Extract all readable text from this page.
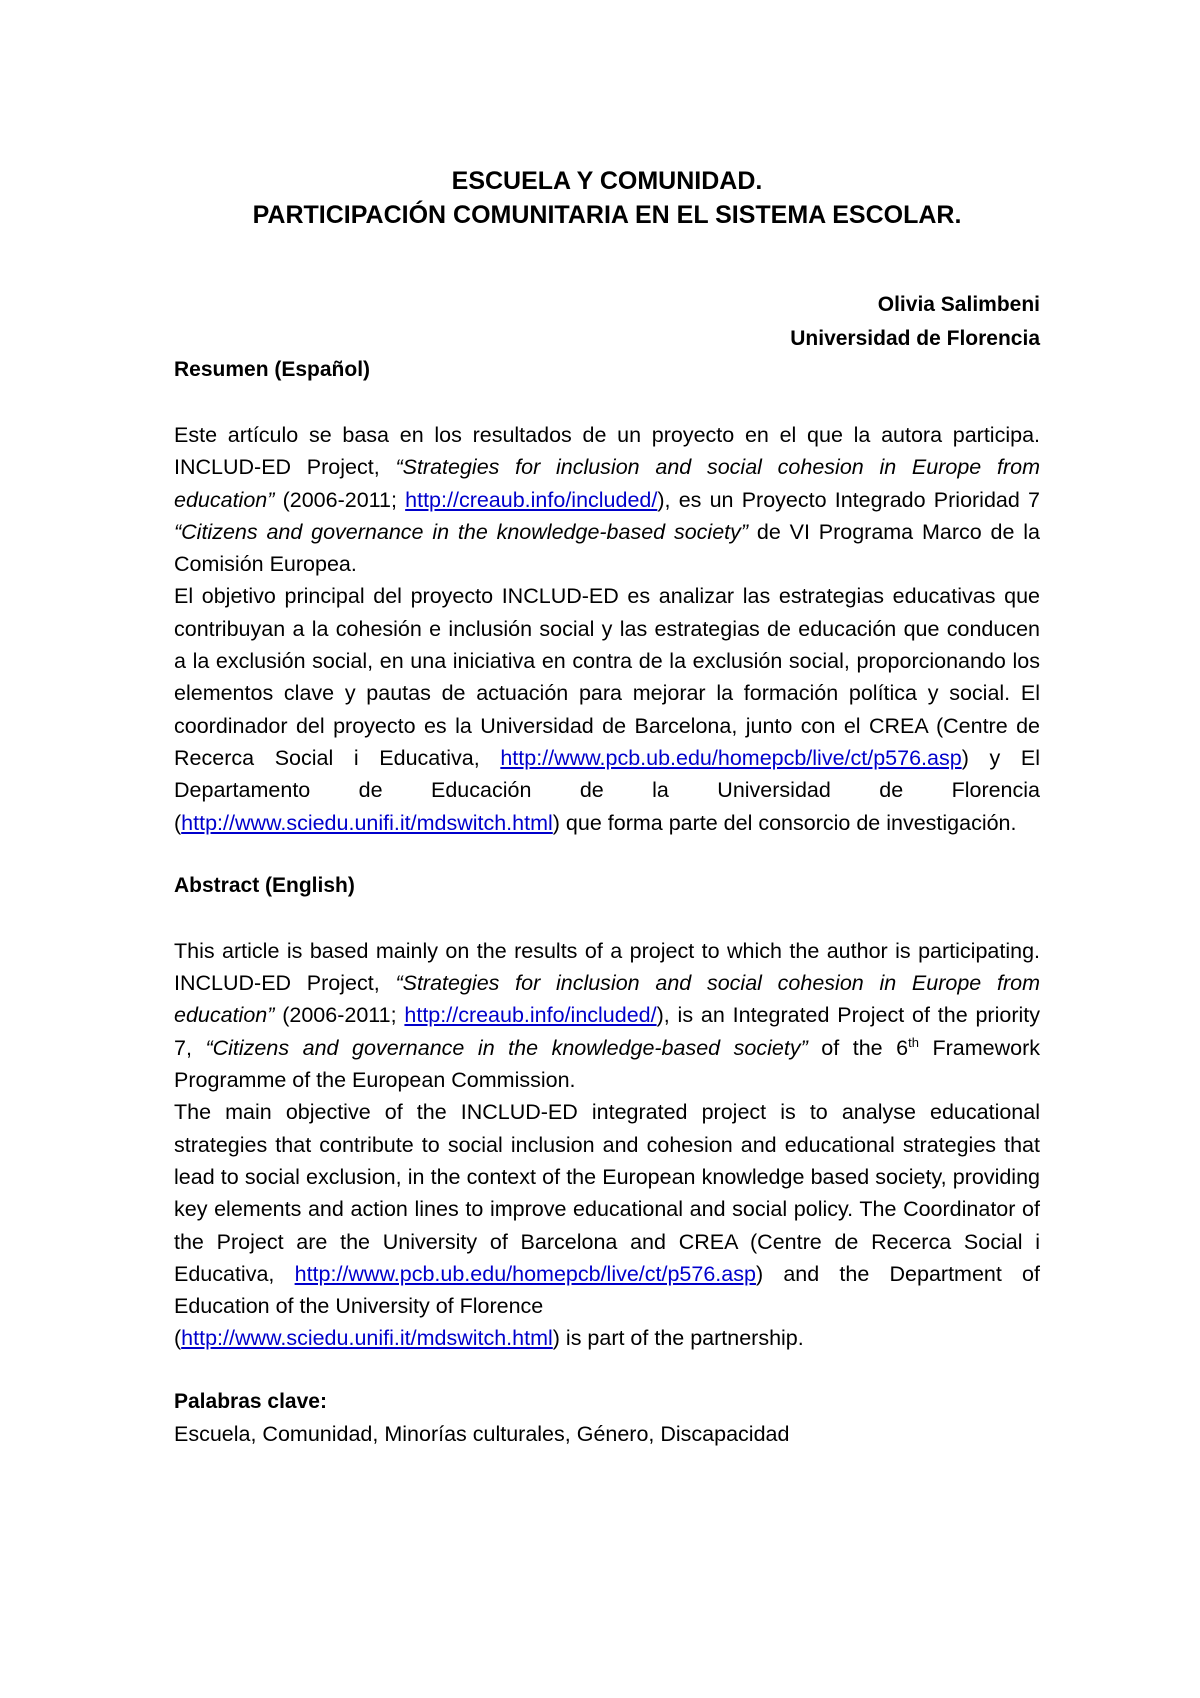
ESCUELA Y COMUNIDAD.
PARTICIPACIÓN COMUNITARIA EN EL SISTEMA ESCOLAR.
Olivia Salimbeni
Universidad de Florencia
Resumen (Español)

Este artículo se basa en los resultados de un proyecto en el que la autora participa. INCLUD-ED Project, “Strategies for inclusion and social cohesion in Europe from education” (2006-2011; http://creaub.info/included/), es un Proyecto Integrado Prioridad 7 “Citizens and governance in the knowledge-based society” de VI Programa Marco de la Comisión Europea.

El objetivo principal del proyecto INCLUD-ED es analizar las estrategias educativas que contribuyan a la cohesión e inclusión social y las estrategias de educación que conducen a la exclusión social, en una iniciativa en contra de la exclusión social, proporcionando los elementos clave y pautas de actuación para mejorar la formación política y social. El coordinador del proyecto es la Universidad de Barcelona, junto con el CREA (Centre de Recerca Social i Educativa, http://www.pcb.ub.edu/homepcb/live/ct/p576.asp) y El Departamento de Educación de la Universidad de Florencia (http://www.sciedu.unifi.it/mdswitch.html) que forma parte del consorcio de investigación.

Abstract (English)

This article is based mainly on the results of a project to which the author is participating. INCLUD-ED Project, “Strategies for inclusion and social cohesion in Europe from education” (2006-2011; http://creaub.info/included/), is an Integrated Project of the priority 7, “Citizens and governance in the knowledge-based society” of the 6th Framework Programme of the European Commission.

The main objective of the INCLUD-ED integrated project is to analyse educational strategies that contribute to social inclusion and cohesion and educational strategies that lead to social exclusion, in the context of the European knowledge based society, providing key elements and action lines to improve educational and social policy. The Coordinator of the Project are the University of Barcelona and CREA (Centre de Recerca Social i Educativa, http://www.pcb.ub.edu/homepcb/live/ct/p576.asp) and the Department of Education of the University of Florence

(http://www.sciedu.unifi.it/mdswitch.html) is part of the partnership.

Palabras clave:

Escuela, Comunidad, Minorías culturales, Género, Discapacidad
